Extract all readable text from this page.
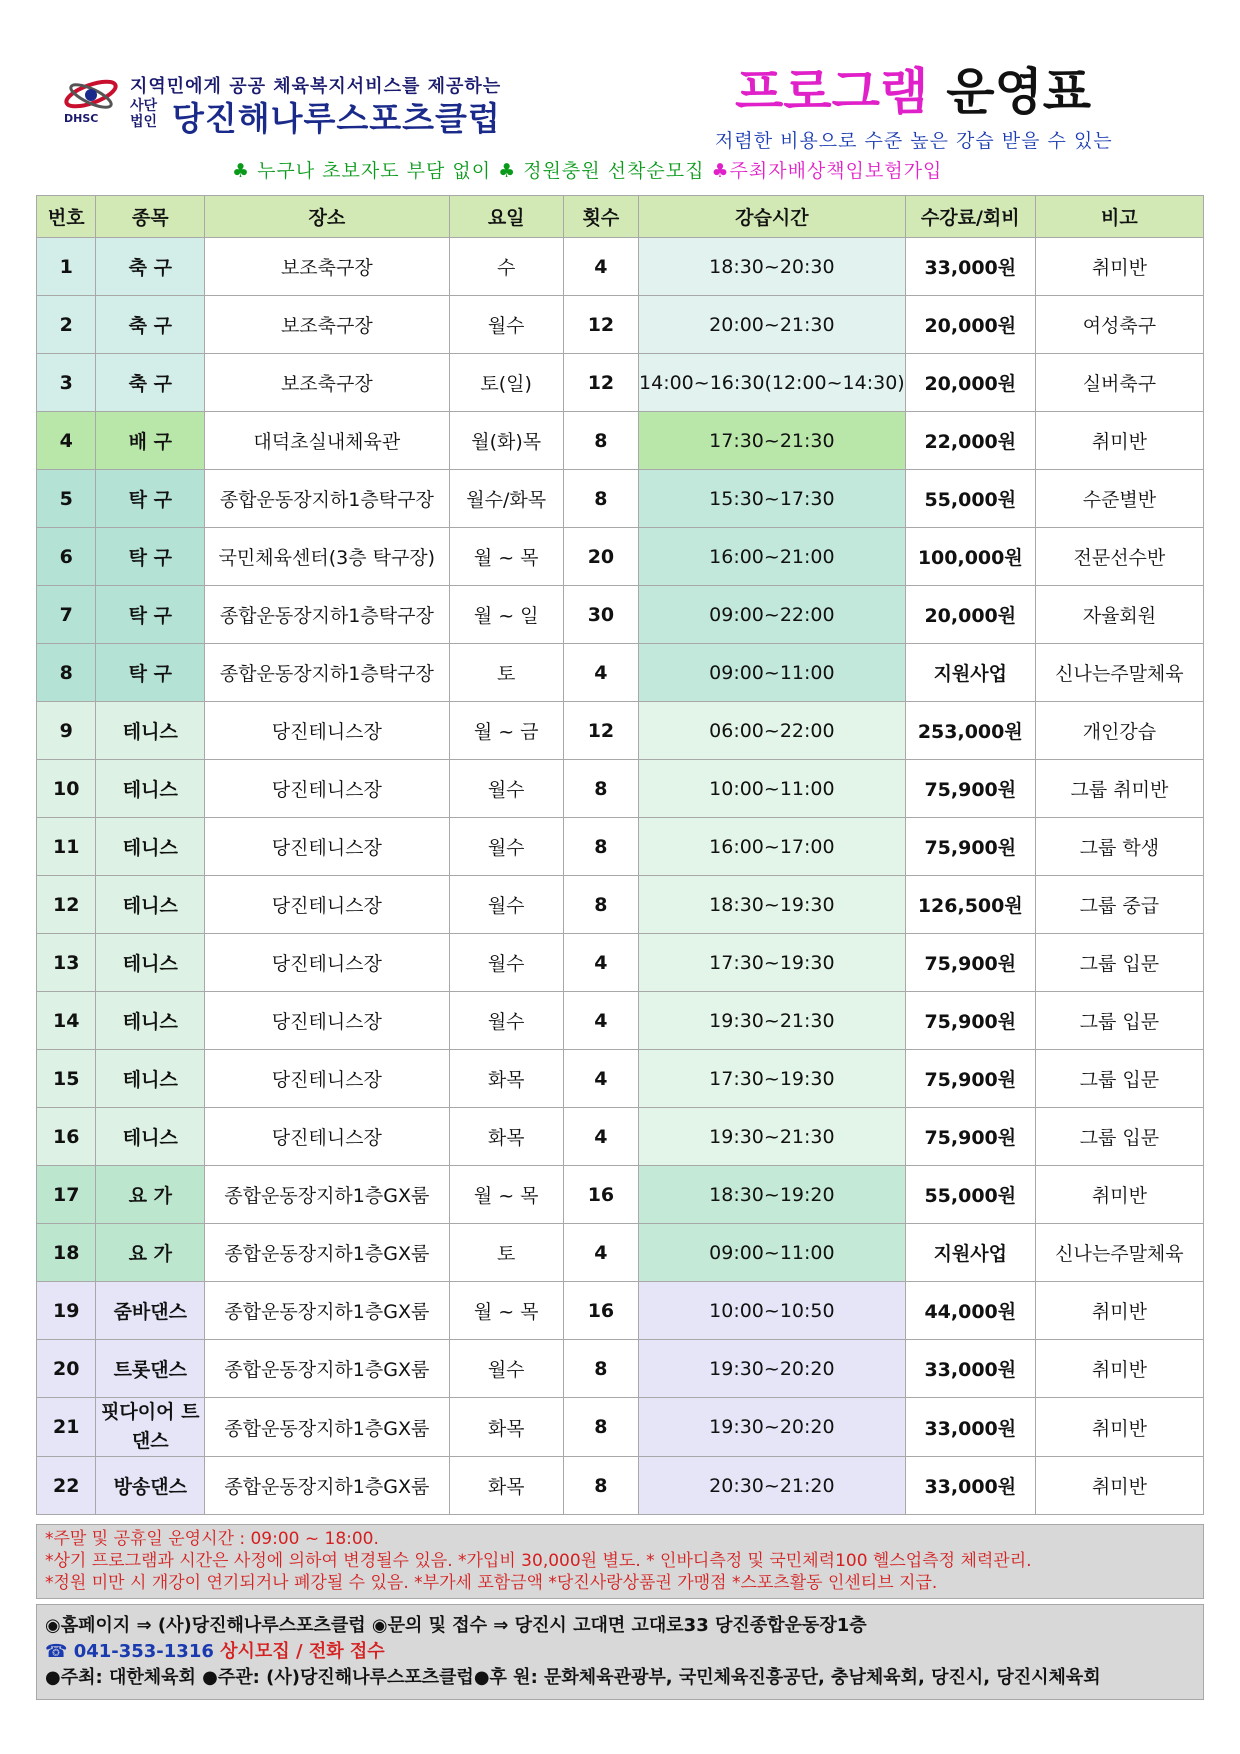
DHSC
지역민에게 공공 체육복지서비스를 제공하는
사단
법인 당진해나루스포츠클럽	프로그램 운영표
저렴한 비용으로 수준 높은 강습 받을 수 있는
♣ 누구나 초보자도 부담 없이 ♣ 정원충원 선착순모집 ♣주최자배상책임보험가입
번호	종목	장소	요일	횟수	강습시간	수강료/회비	비고
1	축 구	보조축구장	수	4	18:30~20:30	33,000원	취미반
2	축 구	보조축구장	월수	12	20:00~21:30	20,000원	여성축구
3	축 구	보조축구장	토(일)	12	14:00~16:30(12:00~14:30)	20,000원	실버축구
4	배 구	대덕초실내체육관	월(화)목	8	17:30~21:30	22,000원	취미반
5	탁 구	종합운동장지하1층탁구장	월수/화목	8	15:30~17:30	55,000원	수준별반
6	탁 구	국민체육센터(3층 탁구장)	월 ~ 목	20	16:00~21:00	100,000원	전문선수반
7	탁 구	종합운동장지하1층탁구장	월 ~ 일	30	09:00~22:00	20,000원	자율회원
8	탁 구	종합운동장지하1층탁구장	토	4	09:00~11:00	지원사업	신나는주말체육
9	테니스	당진테니스장	월 ~ 금	12	06:00~22:00	253,000원	개인강습
10	테니스	당진테니스장	월수	8	10:00~11:00	75,900원	그룹 취미반
11	테니스	당진테니스장	월수	8	16:00~17:00	75,900원	그룹 학생
12	테니스	당진테니스장	월수	8	18:30~19:30	126,500원	그룹 중급
13	테니스	당진테니스장	월수	4	17:30~19:30	75,900원	그룹 입문
14	테니스	당진테니스장	월수	4	19:30~21:30	75,900원	그룹 입문
15	테니스	당진테니스장	화목	4	17:30~19:30	75,900원	그룹 입문
16	테니스	당진테니스장	화목	4	19:30~21:30	75,900원	그룹 입문
17	요 가	종합운동장지하1층GX룸	월 ~ 목	16	18:30~19:20	55,000원	취미반
18	요 가	종합운동장지하1층GX룸	토	4	09:00~11:00	지원사업	신나는주말체육
19	줌바댄스	종합운동장지하1층GX룸	월 ~ 목	16	10:00~10:50	44,000원	취미반
20	트롯댄스	종합운동장지하1층GX룸	월수	8	19:30~20:20	33,000원	취미반
21	핏다이어 트댄스	종합운동장지하1층GX룸	화목	8	19:30~20:20	33,000원	취미반
22	방송댄스	종합운동장지하1층GX룸	화목	8	20:30~21:20	33,000원	취미반
*주말 및 공휴일 운영시간 : 09:00 ~ 18:00.
*상기 프로그램과 시간은 사정에 의하여 변경될수 있음. *가입비 30,000원 별도. * 인바디측정 및 국민체력100 헬스업측정 체력관리.
*정원 미만 시 개강이 연기되거나 폐강될 수 있음. *부가세 포함금액 *당진사랑상품권 가맹점 *스포츠활동 인센티브 지급.
◉홈페이지 ⇒ (사)당진해나루스포츠클럽 ◉문의 및 접수 ⇒ 당진시 고대면 고대로33 당진종합운동장1층
☎ 041-353-1316 상시모집 / 전화 접수
●주최: 대한체육회 ●주관: (사)당진해나루스포츠클럽●후 원: 문화체육관광부, 국민체육진흥공단, 충남체육회, 당진시, 당진시체육회
